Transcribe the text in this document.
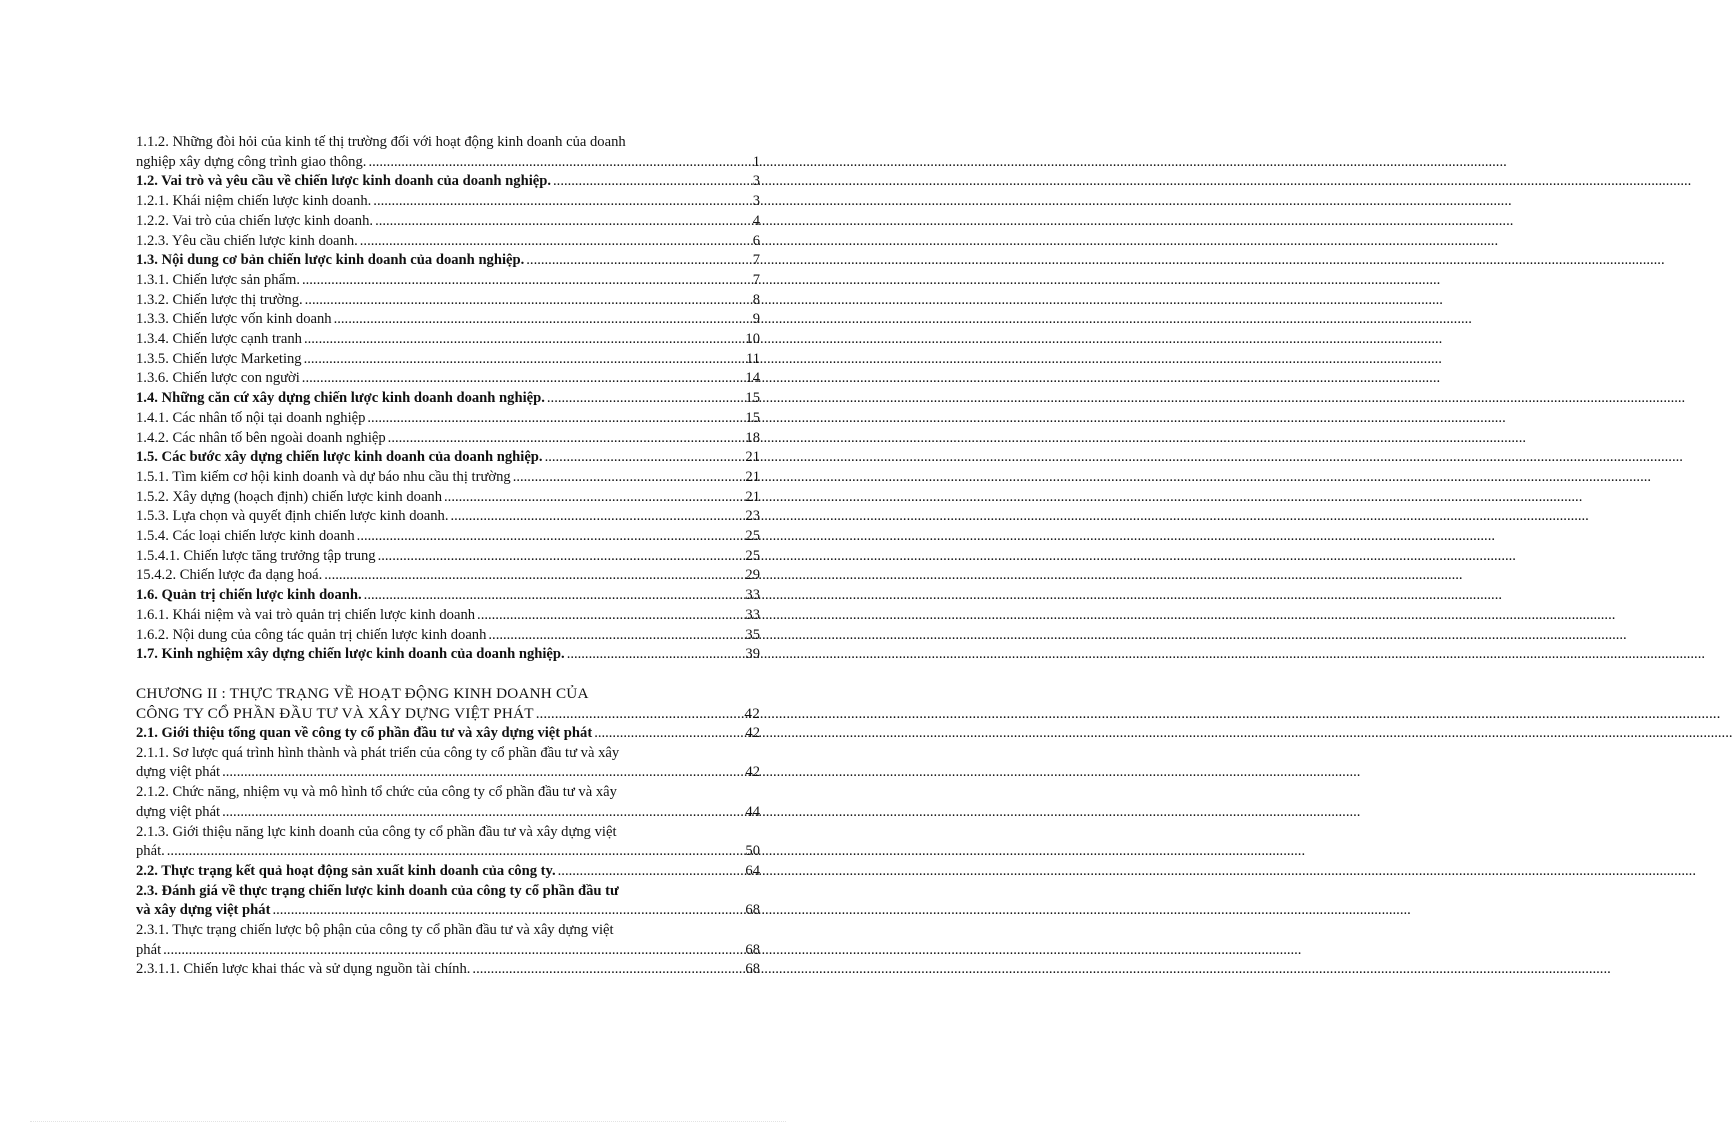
1.1.2. Những đòi hỏi của kinh tế thị trường đối với hoạt động kinh doanh của doanh
nghiệp xây dựng công trình giao thông. .....	1
1.2. Vai trò và yêu cầu về chiến lược kinh doanh của doanh nghiệp. .....	3
1.2.1. Khái niệm chiến lược kinh doanh. .....	3
1.2.2. Vai trò của chiến lược kinh doanh. .....	4
1.2.3. Yêu cầu chiến lược kinh doanh. .....	6
1.3. Nội dung cơ bản chiến lược kinh doanh của doanh nghiệp. .....	7
1.3.1. Chiến lược sản phẩm. .....	7
1.3.2. Chiến lược thị trường. .....	8
1.3.3. Chiến lược vốn kinh doanh .....	9
1.3.4. Chiến lược cạnh tranh .....	10
1.3.5. Chiến lược Marketing .....	11
1.3.6. Chiến lược con người .....	14
1.4. Những căn cứ xây dựng chiến lược kinh doanh doanh nghiệp. .....	15
1.4.1. Các nhân tố nội tại doanh nghiệp .....	15
1.4.2. Các nhân tố bên ngoài doanh nghiệp .....	18
1.5. Các bước xây dựng chiến lược kinh doanh của doanh nghiệp. .....	21
1.5.1. Tìm kiếm cơ hội kinh doanh và dự báo nhu cầu thị trường .....	21
1.5.2. Xây dựng (hoạch định) chiến lược kinh doanh .....	21
1.5.3. Lựa chọn và quyết định chiến lược kinh doanh. .....	23
1.5.4. Các loại chiến lược kinh doanh .....	25
1.5.4.1. Chiến lược tăng trưởng tập trung .....	25
15.4.2. Chiến lược đa dạng hoá. .....	29
1.6. Quản trị chiến lược kinh doanh. .....	33
1.6.1. Khái niệm và vai trò quản trị chiến lược kinh doanh .....	33
1.6.2. Nội dung của công tác quản trị chiến lược kinh doanh .....	35
1.7. Kinh nghiệm xây dựng chiến lược kinh doanh của doanh nghiệp. .....	39
CHƯƠNG II : THỰC TRẠNG VỀ HOẠT ĐỘNG KINH DOANH CỦA
CÔNG TY CỔ PHẦN ĐẦU TƯ VÀ XÂY DỰNG VIỆT PHÁT .....	42
2.1. Giới thiệu tổng quan về công ty cổ phần đầu tư và xây dựng việt phát .....	42
2.1.1. Sơ lược quá trình hình thành và phát triển của công ty cổ phần đầu tư và xây
dựng việt phát .....	42
2.1.2. Chức năng, nhiệm vụ và mô hình tổ chức của công ty cổ phần đầu tư và xây
dựng việt phát .....	44
2.1.3. Giới thiệu năng lực kinh doanh của công ty cổ phần đầu tư và xây dựng việt
phát. .....	50
2.2. Thực trạng kết quả hoạt động sản xuất kinh doanh của công ty. .....	64
2.3. Đánh giá về thực trạng chiến lược kinh doanh của công ty cổ phần đầu tư
và xây dựng việt phát .....	68
2.3.1. Thực trạng chiến lược bộ phận của công ty cổ phần đầu tư và xây dựng việt
phát .....	68
2.3.1.1. Chiến lược khai thác và sử dụng nguồn tài chính. .....	68
